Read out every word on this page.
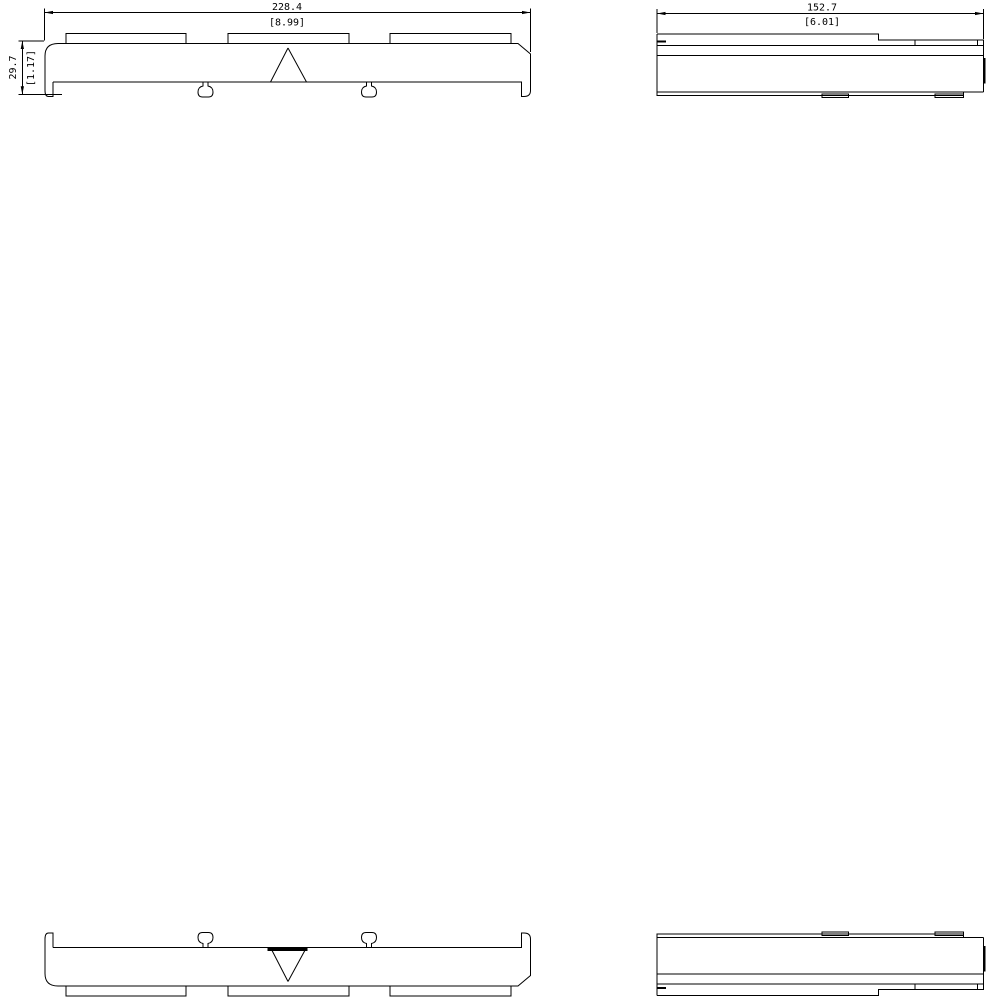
228.4
[8.99]
29.7 [1.17]
152.7
[6.01]
